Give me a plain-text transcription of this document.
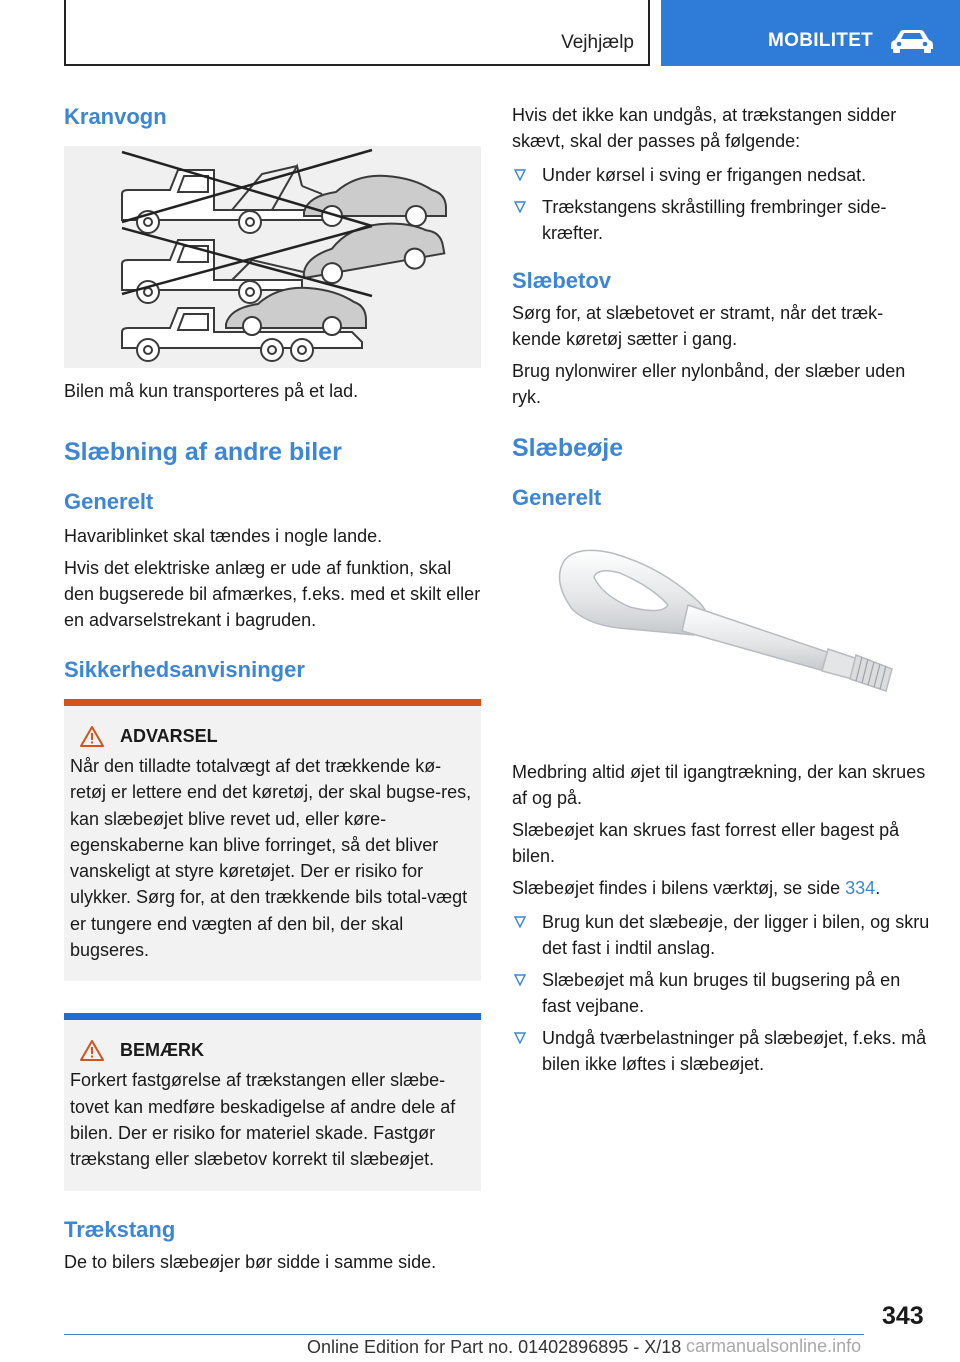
Vejhjælp	MOBILITET
Kranvogn

Bilen må kun transporteres på et lad.

Slæbning af andre biler
Generelt

Havariblinket skal tændes i nogle lande.

Hvis det elektriske anlæg er ude af funktion, skal den bugserede bil afmærkes, f.eks. med et skilt eller en advarselstrekant i bagruden.

Sikkerhedsanvisninger
ADVARSEL
Når den tilladte totalvægt af det trækkende kø-retøj er lettere end det køretøj, der skal bugse-res, kan slæbeøjet blive revet ud, eller køre-egenskaberne kan blive forringet, så det bliver vanskeligt at styre køretøjet. Der er risiko for ulykker. Sørg for, at den trækkende bils total-vægt er tungere end vægten af den bil, der skal bugseres.
BEMÆRK
Forkert fastgørelse af trækstangen eller slæbe-tovet kan medføre beskadigelse af andre dele af bilen. Der er risiko for materiel skade. Fastgør trækstang eller slæbetov korrekt til slæbeøjet.
Trækstang

De to bilers slæbeøjer bør sidde i samme side.

Hvis det ikke kan undgås, at trækstangen sidder skævt, skal der passes på følgende:

Under kørsel i sving er frigangen nedsat.
Trækstangens skråstilling frembringer side-kræfter.
Slæbetov

Sørg for, at slæbetovet er stramt, når det træk-kende køretøj sætter i gang.

Brug nylonwirer eller nylonbånd, der slæber uden ryk.

Slæbeøje
Generelt

Medbring altid øjet til igangtrækning, der kan skrues af og på.

Slæbeøjet kan skrues fast forrest eller bagest på bilen.

Slæbeøjet findes i bilens værktøj, se side 334.

Brug kun det slæbeøje, der ligger i bilen, og skru det fast i indtil anslag.
Slæbeøjet må kun bruges til bugsering på en fast vejbane.
Undgå tværbelastninger på slæbeøjet, f.eks. må bilen ikke løftes i slæbeøjet.
343
Online Edition for Part no. 01402896895 - X/18 carmanualsonline.info
